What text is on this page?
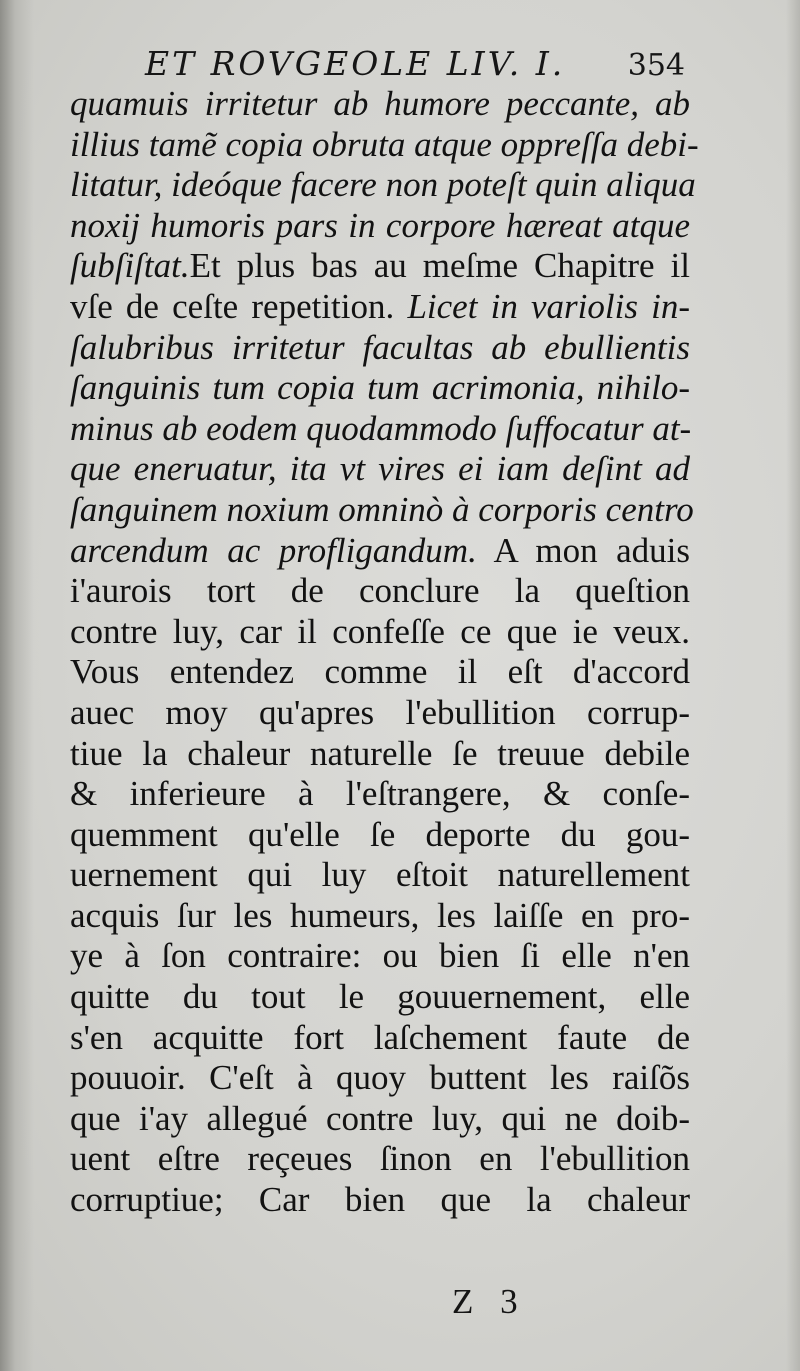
ET ROVGEOLE LIV. I. 354
quamuis irritetur ab humore peccante, ab
illius tamẽ copia obruta atque oppreſſa debi-
litatur, ideóque facere non poteſt quin aliqua
noxij humoris pars in corpore hæreat atque
ſubſiſtat.Et plus bas au meſme Chapitre il
vſe de ceſte repetition. Licet in variolis in-
ſalubribus irritetur facultas ab ebullientis
ſanguinis tum copia tum acrimonia, nihilo-
minus ab eodem quodammodo ſuffocatur at-
que eneruatur, ita vt vires ei iam deſint ad
ſanguinem noxium omninò à corporis centro
arcendum ac profligandum. A mon aduis
i'aurois tort de conclure la queſtion
contre luy, car il confeſſe ce que ie veux.
Vous entendez comme il eſt d'accord
auec moy qu'apres l'ebullition corrup-
tiue la chaleur naturelle ſe treuue debile
& inferieure à l'eſtrangere, & conſe-
quemment qu'elle ſe deporte du gou-
uernement qui luy eſtoit naturellement
acquis ſur les humeurs, les laiſſe en pro-
ye à ſon contraire: ou bien ſi elle n'en
quitte du tout le gouuernement, elle
s'en acquitte fort laſchement faute de
pouuoir. C'eſt à quoy buttent les raiſõs
que i'ay allegué contre luy, qui ne doib-
uent eſtre reçeues ſinon en l'ebullition
corruptiue; Car bien que la chaleur
Z 3
